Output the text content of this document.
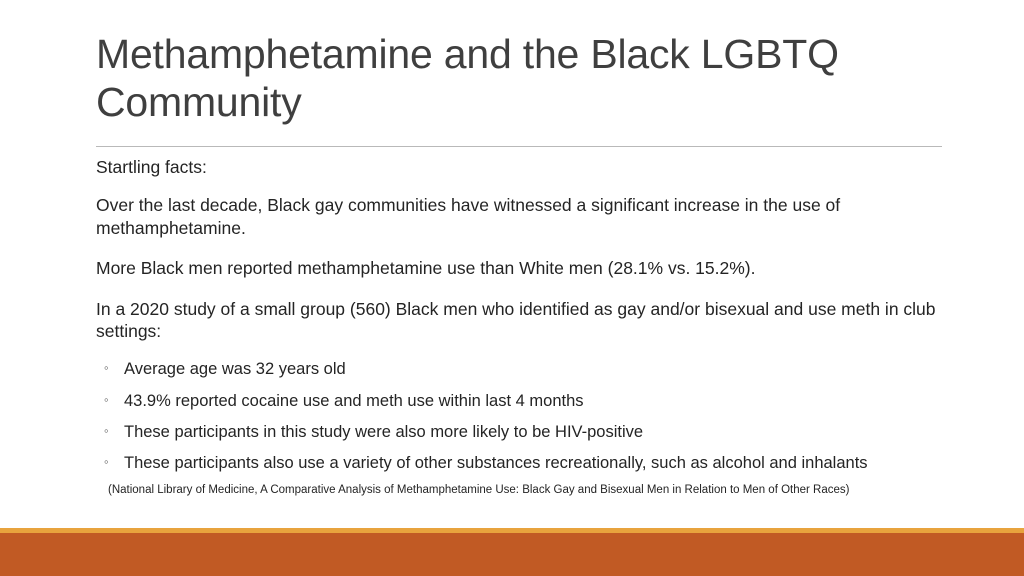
Methamphetamine and the Black LGBTQ Community

Startling facts:

Over the last decade, Black gay communities have witnessed a significant increase in the use of methamphetamine.

More Black men reported methamphetamine use than White men (28.1% vs. 15.2%).

In a 2020 study of a small group (560) Black men who identified as gay and/or bisexual and use meth in club settings:

◦ Average age was 32 years old
◦ 43.9% reported cocaine use and meth use within last 4 months
◦ These participants in this study were also more likely to be HIV-positive
◦ These participants also use a variety of other substances recreationally, such as alcohol and inhalants

(National Library of Medicine, A Comparative Analysis of Methamphetamine Use: Black Gay and Bisexual Men in Relation to Men of Other Races)
